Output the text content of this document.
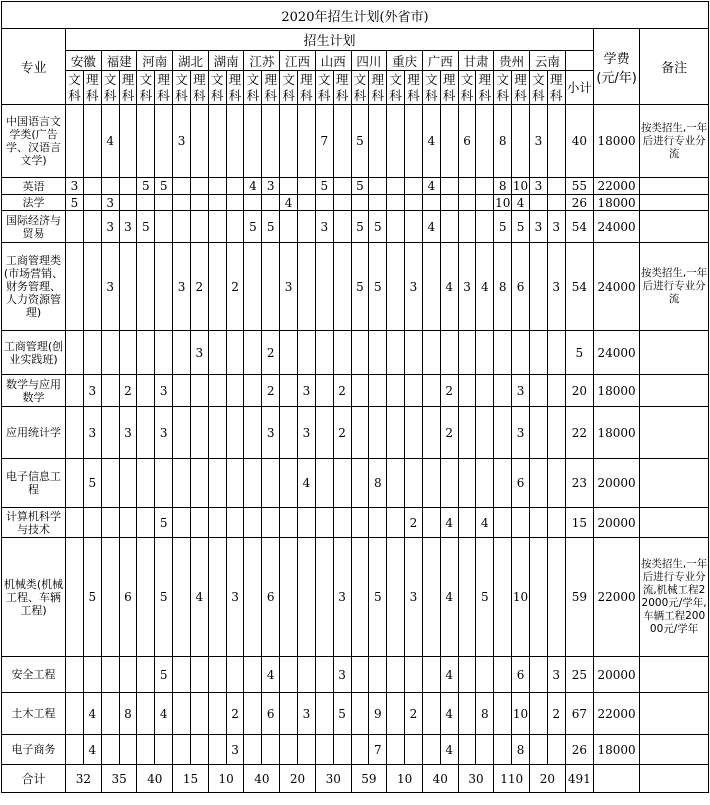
2020年招生计划(外省市)																															
专业	招生计划																													学费(元/年)	备注
	安徽		福建		河南		湖北		湖南		江苏		江西		山西		四川		重庆		广西		甘肃		贵州		云南				
	文科	理科	文科	理科	文科	理科	文科	理科	文科	理科	文科	理科	文科	理科	文科	理科	文科	理科	文科	理科	文科	理科	文科	理科	文科	理科	文科	理科	小计		
中国语言文学类(广告学、汉语言文学)			4				3								7		5				4		6		8		3		40	18000	按类招生,一年后进行专业分流
英语	3				5	5					4	3			5		5				4				8	10	3		55	22000	
法学	5		3										4												10	4			26	18000	
国际经济与贸易			3	3	5						5	5			3		5	5			4				5	5	3	3	54	24000	
工商管理类(市场营销、财务管理、人力资源管理)			3				3	2		2			3				5	5		3		4	3	4	8	6		3	54	24000	按类招生,一年后进行专业分流
工商管理(创业实践班)								3				2																	5	24000	
数学与应用数学		3		2		3						2		3		2						2				3			20	18000	
应用统计学		3		3		3						3		3		2						2				3			22	18000	
电子信息工程		5												4				8								6			23	20000	
计算机科学与技术						5														2		4		4					15	20000	
机械类(机械工程、车辆工程)		5		6		5		4		3		6				3		5		3		4		5		10			59	22000	按类招生,一年后进行专业分流,机械工程22000元/学年,车辆工程20000元/学年
安全工程						5						4				3						4				6		3	25	20000	
土木工程		4		8		4				2		6		3		5		9		2		4		8		10		2	67	22000	
电子商务		4								3								7				4				8			26	18000	
合计	32		35		40		15		10		40		20		30		59		10		40		30		110		20		491		
